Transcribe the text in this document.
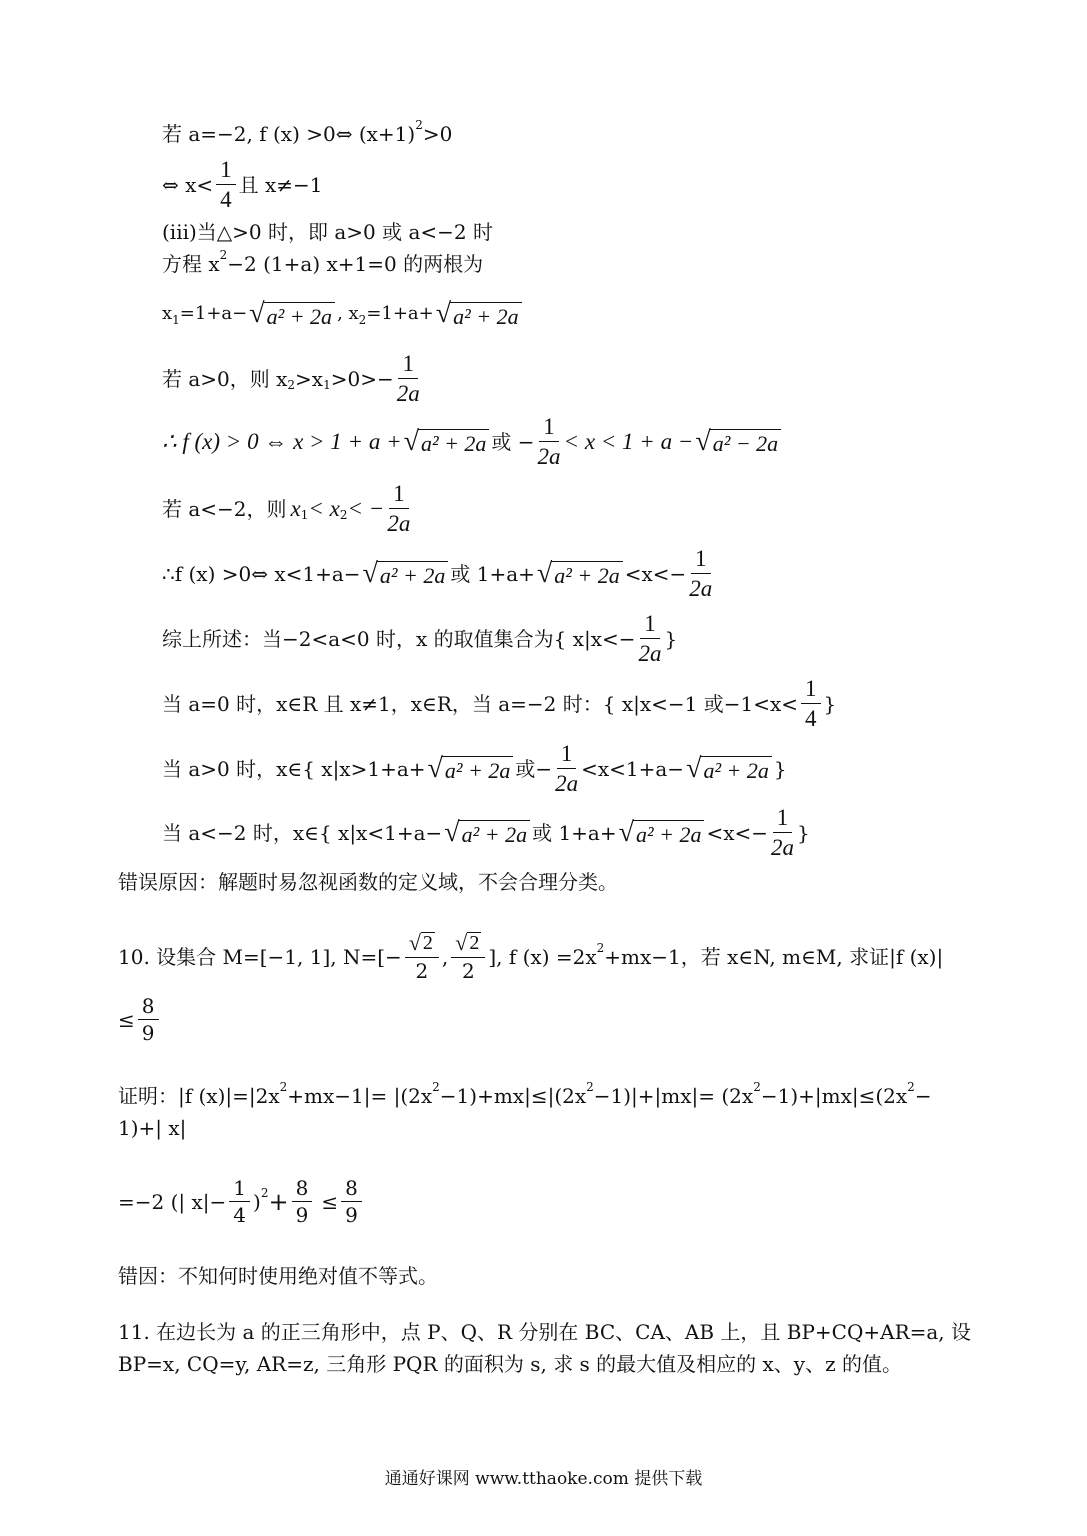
若 a=−2, f (x) >0⇔ (x+1) 2 >0
⇔ $x< \frac{1}{4}$ 且 x≠−1
(iii)当△>0 时，即 a>0 或 a<−2 时
方程 x 2 −2 (1+a) x+1=0 的两根为
x 1 =1+a− √ a² + 2a , x 2 =1+a+ √ a² + 2a
若 a>0，则 x 2 >x $1 >0>- \frac{1}{2a}$
∴ f (x) > 0 ⇔ x > 1 + a + √ a² + 2a 或 − $\frac{1}{2a} < x < 1 + a$ − √ a² − 2a
若 a<−2，则 x 1 < x 2 < − $\frac{1}{2a}$
∴f (x) >0⇔ x<1+a− √ a² + 2a 或 1+a+ √ $a^2 + 2a <x<- \frac{1}{2a}$
综上所述：当−2<a<0 时，x 的取值集合为{ $x|x<- \frac{1}{2a}$ }
当 a=0 时，x∈R 且 x≠1，x∈R，当 a=−2 时：{ x|x<−1 或$-1<x< \frac{1}{4}$ }
当 a>0 时，x∈{ x|x>1+a+ √ a² + 2a 或− $\frac{1}{2a} <x<1+a-$ √ a² + 2a }
当 a<−2 时，x∈{ x|x<1+a− √ a² + 2a 或 1+a+ √ $a^2 + 2a <x<- \frac{1}{2a}$ }
错误原因：解题时易忽视函数的定义域，不会合理分类。
10. 设集合 M=[−1, 1], $N=[- \frac{√ 2}{2}$ , $\frac{√ 2}{2}$ ], f (x) =2x 2 +mx−1，若 x∈N, m∈M, 求证|f (x)|
≤ $\frac{8}{9}$
证明：|f (x)|=|2x 2 +mx−1|= |(2x 2 −1)+mx|≤|(2x 2 −1)|+|mx|= (2x 2 −1)+|mx|≤(2x 2 −
1)+| x|
=−2 (| $x|- \frac{1}{4}$ ) $2 + \frac{8}{9} \le \frac{8}{9}$
错因：不知何时使用绝对值不等式。
11. 在边长为 a 的正三角形中，点 P、Q、R 分别在 BC、CA、AB 上，且 BP+CQ+AR=a, 设
BP=x, CQ=y, AR=z, 三角形 PQR 的面积为 s, 求 s 的最大值及相应的 x、y、z 的值。
通通好课网 www.tthaoke.com 提供下载
